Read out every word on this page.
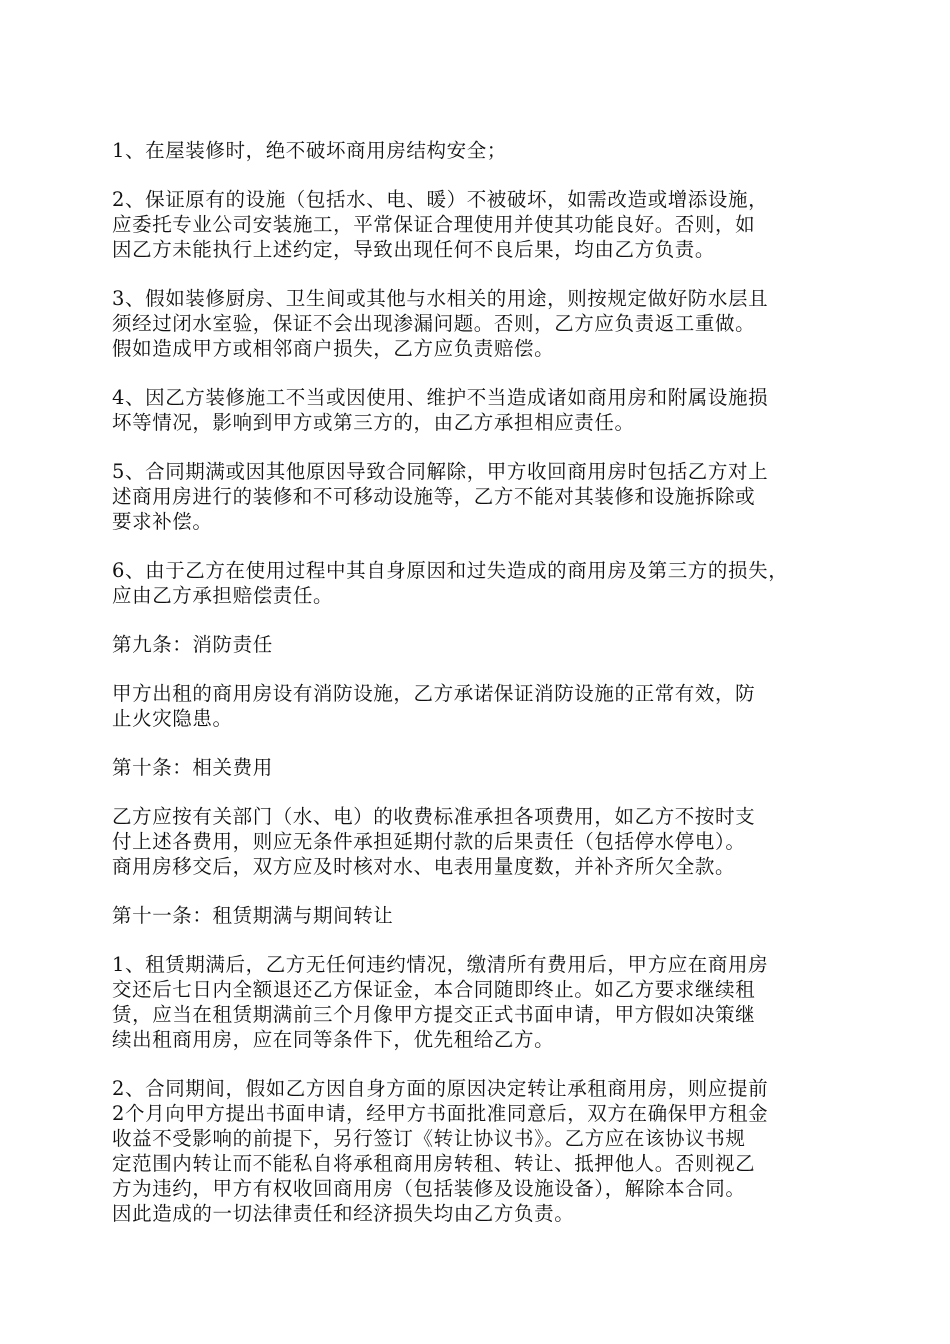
1、在屋装修时，绝不破坏商用房结构安全；

2、保证原有的设施（包括水、电、暖）不被破坏，如需改造或增添设施，
应委托专业公司安装施工，平常保证合理使用并使其功能良好。否则，如
因乙方未能执行上述约定，导致出现任何不良后果，均由乙方负责。

3、假如装修厨房、卫生间或其他与水相关的用途，则按规定做好防水层且
须经过闭水室验，保证不会出现渗漏问题。否则，乙方应负责返工重做。
假如造成甲方或相邻商户损失，乙方应负责赔偿。

4、因乙方装修施工不当或因使用、维护不当造成诸如商用房和附属设施损
坏等情况，影响到甲方或第三方的，由乙方承担相应责任。

5、合同期满或因其他原因导致合同解除，甲方收回商用房时包括乙方对上
述商用房进行的装修和不可移动设施等，乙方不能对其装修和设施拆除或
要求补偿。

6、由于乙方在使用过程中其自身原因和过失造成的商用房及第三方的损失，
应由乙方承担赔偿责任。

第九条：消防责任

甲方出租的商用房设有消防设施，乙方承诺保证消防设施的正常有效，防
止火灾隐患。

第十条：相关费用

乙方应按有关部门（水、电）的收费标准承担各项费用，如乙方不按时支
付上述各费用，则应无条件承担延期付款的后果责任（包括停水停电）。
商用房移交后，双方应及时核对水、电表用量度数，并补齐所欠全款。

第十一条：租赁期满与期间转让

1、租赁期满后，乙方无任何违约情况，缴清所有费用后，甲方应在商用房
交还后七日内全额退还乙方保证金，本合同随即终止。如乙方要求继续租
赁，应当在租赁期满前三个月像甲方提交正式书面申请，甲方假如决策继
续出租商用房，应在同等条件下，优先租给乙方。

2、合同期间，假如乙方因自身方面的原因决定转让承租商用房，则应提前
2个月向甲方提出书面申请，经甲方书面批准同意后，双方在确保甲方租金
收益不受影响的前提下，另行签订《转让协议书》。乙方应在该协议书规
定范围内转让而不能私自将承租商用房转租、转让、抵押他人。否则视乙
方为违约，甲方有权收回商用房（包括装修及设施设备），解除本合同。
因此造成的一切法律责任和经济损失均由乙方负责。
